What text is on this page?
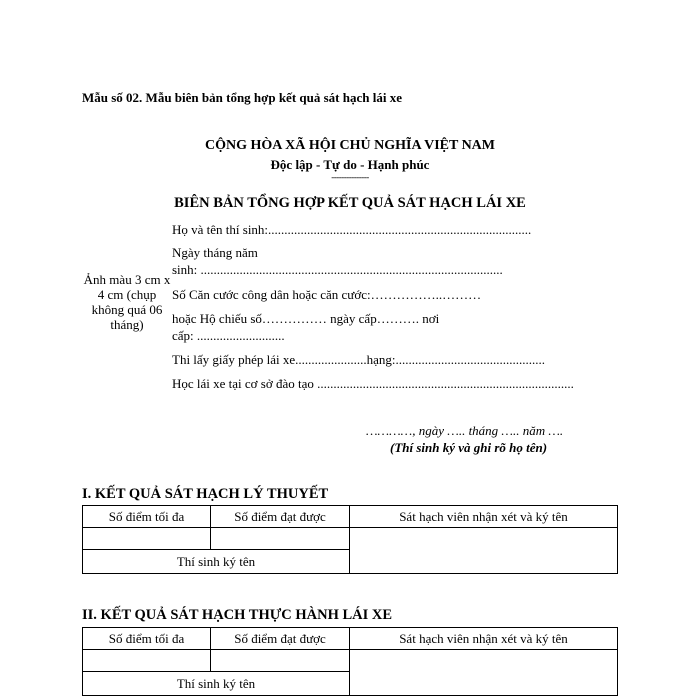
Mẫu số 02. Mẫu biên bản tổng hợp kết quả sát hạch lái xe
CỘNG HÒA XÃ HỘI CHỦ NGHĨA VIỆT NAM
Độc lập - Tự do - Hạnh phúc
---------------
BIÊN BẢN TỔNG HỢP KẾT QUẢ SÁT HẠCH LÁI XE
Ảnh màu 3 cm x 4 cm (chụp không quá 06 tháng)
Họ và tên thí sinh:.................................................................................
Ngày tháng năm
sinh: .............................................................................................
Số Căn cước công dân hoặc căn cước:……………..………
hoặc Hộ chiếu số…………… ngày cấp………. nơi
cấp: ...........................
Thi lấy giấy phép lái xe......................hạng:..............................................
Học lái xe tại cơ sở đào tạo ...............................................................................
…………, ngày ….. tháng ….. năm ….
(Thí sinh ký và ghi rõ họ tên)
I. KẾT QUẢ SÁT HẠCH LÝ THUYẾT
Số điểm tối đa	Số điểm đạt được	Sát hạch viên nhận xét và ký tên

Thí sinh ký tên		
II. KẾT QUẢ SÁT HẠCH THỰC HÀNH LÁI XE
Số điểm tối đa	Số điểm đạt được	Sát hạch viên nhận xét và ký tên

Thí sinh ký tên		
